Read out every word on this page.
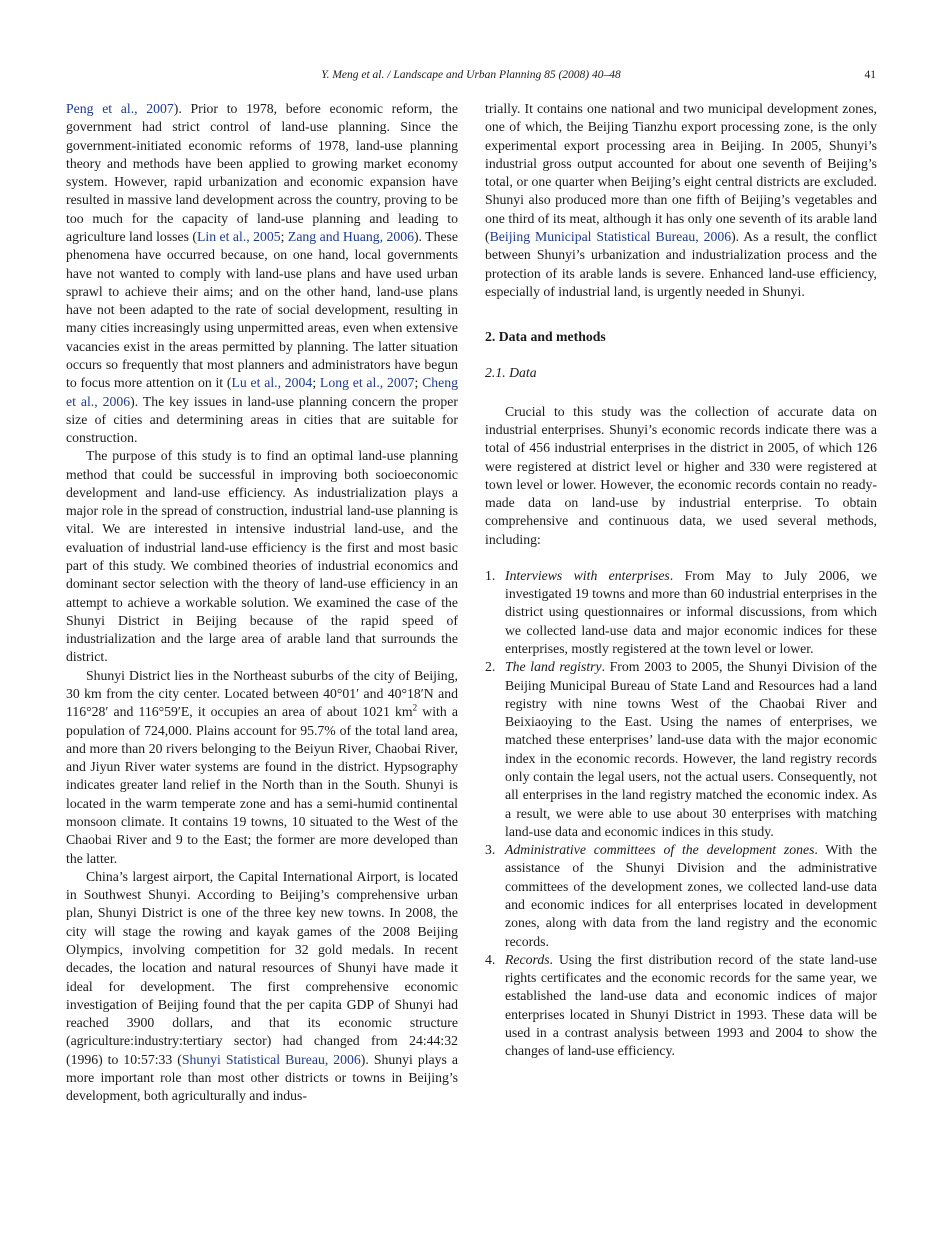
Y. Meng et al. / Landscape and Urban Planning 85 (2008) 40–48	41

Peng et al., 2007). Prior to 1978, before economic reform, the government had strict control of land-use planning. Since the government-initiated economic reforms of 1978, land-use planning theory and methods have been applied to growing market economy system. However, rapid urbanization and economic expansion have resulted in massive land development across the country, proving to be too much for the capacity of land-use planning and leading to agriculture land losses (Lin et al., 2005; Zang and Huang, 2006). These phenomena have occurred because, on one hand, local governments have not wanted to comply with land-use plans and have used urban sprawl to achieve their aims; and on the other hand, land-use plans have not been adapted to the rate of social development, resulting in many cities increasingly using unpermitted areas, even when extensive vacancies exist in the areas permitted by planning. The latter situation occurs so frequently that most planners and administrators have begun to focus more attention on it (Lu et al., 2004; Long et al., 2007; Cheng et al., 2006). The key issues in land-use planning concern the proper size of cities and determining areas in cities that are suitable for construction.

The purpose of this study is to find an optimal land-use planning method that could be successful in improving both socioeconomic development and land-use efficiency. As industrialization plays a major role in the spread of construction, industrial land-use planning is vital. We are interested in intensive industrial land-use, and the evaluation of industrial land-use efficiency is the first and most basic part of this study. We combined theories of industrial economics and dominant sector selection with the theory of land-use efficiency in an attempt to achieve a workable solution. We examined the case of the Shunyi District in Beijing because of the rapid speed of industrialization and the large area of arable land that surrounds the district.

Shunyi District lies in the Northeast suburbs of the city of Beijing, 30 km from the city center. Located between 40°01′ and 40°18′N and 116°28′ and 116°59′E, it occupies an area of about 1021 $km^2$ with a population of 724,000. Plains account for 95.7% of the total land area, and more than 20 rivers belonging to the Beiyun River, Chaobai River, and Jiyun River water systems are found in the district. Hypsography indicates greater land relief in the North than in the South. Shunyi is located in the warm temperate zone and has a semi-humid continental monsoon climate. It contains 19 towns, 10 situated to the West of the Chaobai River and 9 to the East; the former are more developed than the latter.

China’s largest airport, the Capital International Airport, is located in Southwest Shunyi. According to Beijing’s comprehensive urban plan, Shunyi District is one of the three key new towns. In 2008, the city will stage the rowing and kayak games of the 2008 Beijing Olympics, involving competition for 32 gold medals. In recent decades, the location and natural resources of Shunyi have made it ideal for development. The first comprehensive economic investigation of Beijing found that the per capita GDP of Shunyi had reached 3900 dollars, and that its economic structure (agriculture:industry:tertiary sector) had changed from 24:44:32 (1996) to 10:57:33 (Shunyi Statistical Bureau, 2006). Shunyi plays a more important role than most other districts or towns in Beijing’s development, both agriculturally and indus-

trially. It contains one national and two municipal development zones, one of which, the Beijing Tianzhu export processing zone, is the only experimental export processing area in Beijing. In 2005, Shunyi’s industrial gross output accounted for about one seventh of Beijing’s total, or one quarter when Beijing’s eight central districts are excluded. Shunyi also produced more than one fifth of Beijing’s vegetables and one third of its meat, although it has only one seventh of its arable land (Beijing Municipal Statistical Bureau, 2006). As a result, the conflict between Shunyi’s urbanization and industrialization process and the protection of its arable lands is severe. Enhanced land-use efficiency, especially of industrial land, is urgently needed in Shunyi.

2. Data and methods
2.1. Data

Crucial to this study was the collection of accurate data on industrial enterprises. Shunyi’s economic records indicate there was a total of 456 industrial enterprises in the district in 2005, of which 126 were registered at district level or higher and 330 were registered at town level or lower. However, the economic records contain no ready-made data on land-use by industrial enterprise. To obtain comprehensive and continuous data, we used several methods, including:

1. Interviews with enterprises. From May to July 2006, we investigated 19 towns and more than 60 industrial enterprises in the district using questionnaires or informal discussions, from which we collected land-use data and major economic indices for these enterprises, mostly registered at the town level or lower.
2. The land registry. From 2003 to 2005, the Shunyi Division of the Beijing Municipal Bureau of State Land and Resources had a land registry with nine towns West of the Chaobai River and Beixiaoying to the East. Using the names of enterprises, we matched these enterprises’ land-use data with the major economic index in the economic records. However, the land registry records only contain the legal users, not the actual users. Consequently, not all enterprises in the land registry matched the economic index. As a result, we were able to use about 30 enterprises with matching land-use data and economic indices in this study.
3. Administrative committees of the development zones. With the assistance of the Shunyi Division and the administrative committees of the development zones, we collected land-use data and economic indices for all enterprises located in development zones, along with data from the land registry and the economic records.
4. Records. Using the first distribution record of the state land-use rights certificates and the economic records for the same year, we established the land-use data and economic indices of major enterprises located in Shunyi District in 1993. These data will be used in a contrast analysis between 1993 and 2004 to show the changes of land-use efficiency.
